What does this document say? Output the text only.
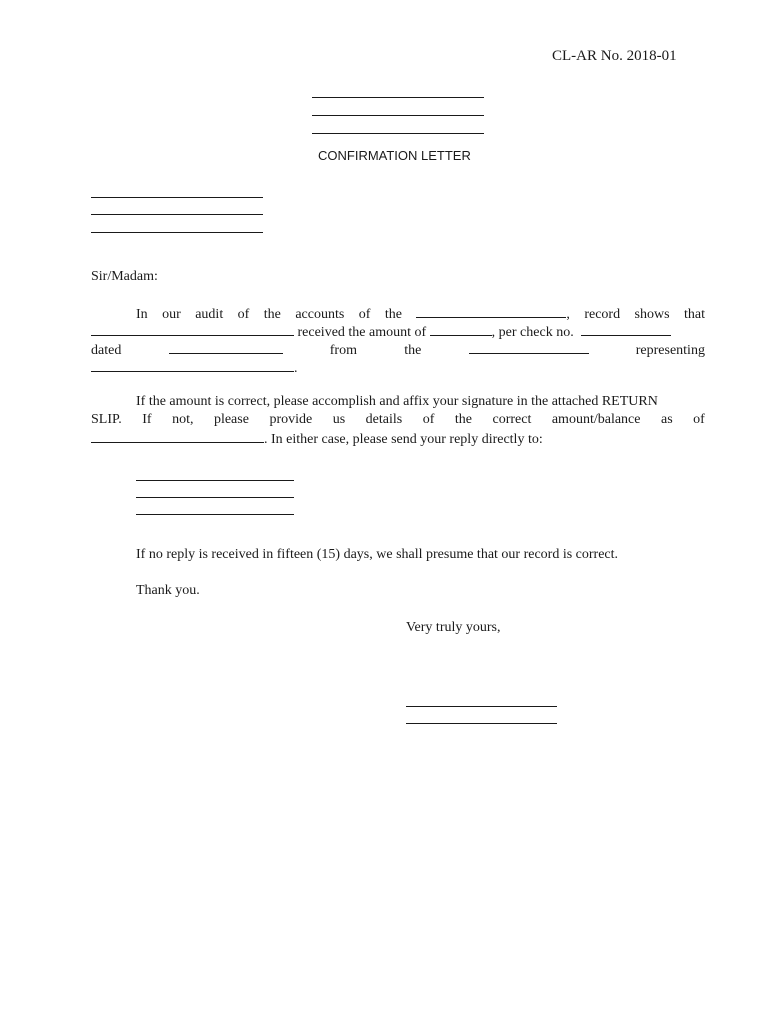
CL-AR No. 2018-01
CONFIRMATION LETTER
Sir/Madam:
In our audit of the accounts of the	, record shows that
received the amount of	, per check no.
dated	from	the	representing
.
If the amount is correct, please accomplish and affix your signature in the attached RETURN
SLIP. If not, please provide us details of the correct amount/balance as of
. In either case, please send your reply directly to:
If no reply is received in fifteen (15) days, we shall presume that our record is correct.
Thank you.
Very truly yours,
